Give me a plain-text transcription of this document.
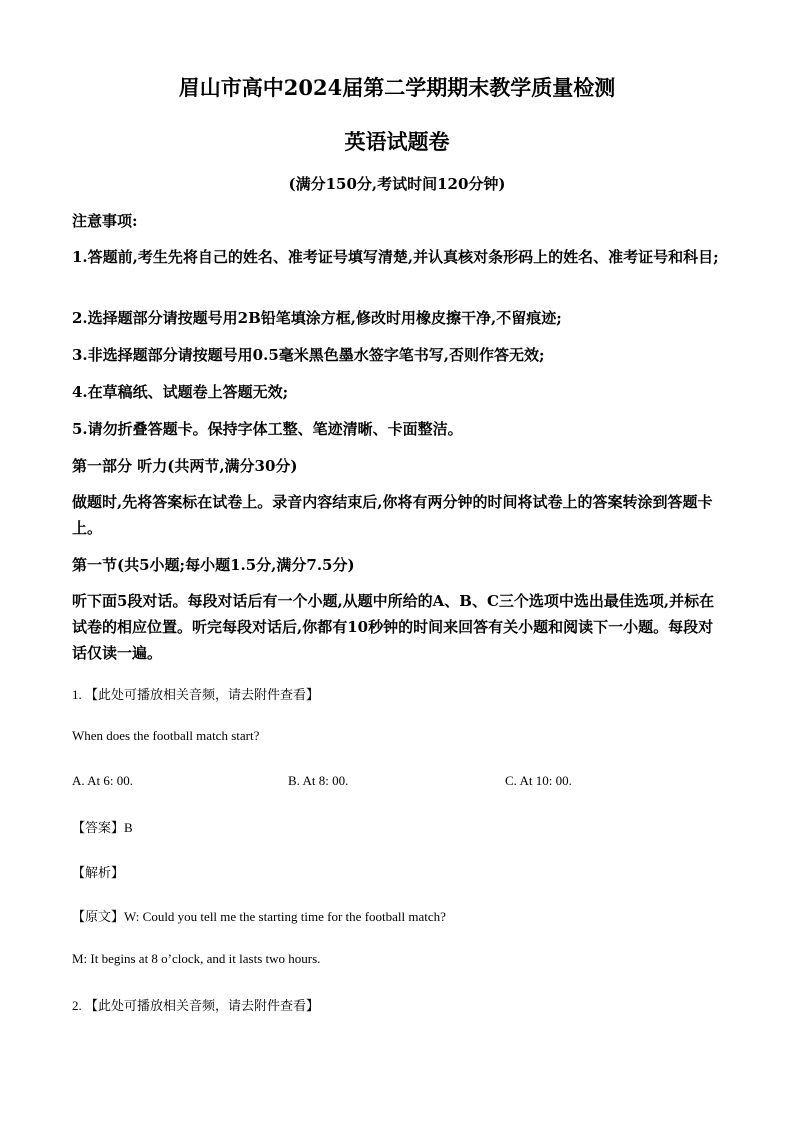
眉山市高中2024届第二学期期末教学质量检测
英语试题卷
(满分150分,考试时间120分钟)
注意事项:
1.答题前,考生先将自己的姓名、准考证号填写清楚,并认真核对条形码上的姓名、准考证号和科目;
2.选择题部分请按题号用2B铅笔填涂方框,修改时用橡皮擦干净,不留痕迹;
3.非选择题部分请按题号用0.5毫米黑色墨水签字笔书写,否则作答无效;
4.在草稿纸、试题卷上答题无效;
5.请勿折叠答题卡。保持字体工整、笔迹清晰、卡面整洁。
第一部分 听力(共两节,满分30分)
做题时,先将答案标在试卷上。录音内容结束后,你将有两分钟的时间将试卷上的答案转涂到答题卡上。
第一节(共5小题;每小题1.5分,满分7.5分)
听下面5段对话。每段对话后有一个小题,从题中所给的A、B、C三个选项中选出最佳选项,并标在试卷的相应位置。听完每段对话后,你都有10秒钟的时间来回答有关小题和阅读下一小题。每段对话仅读一遍。
1. 【此处可播放相关音频，请去附件查看】
When does the football match start?
A. At 6: 00.	B. At 8: 00.	C. At 10: 00.
【答案】B
【解析】
【原文】W: Could you tell me the starting time for the football match?
M: It begins at 8 o’clock, and it lasts two hours.
2. 【此处可播放相关音频，请去附件查看】
